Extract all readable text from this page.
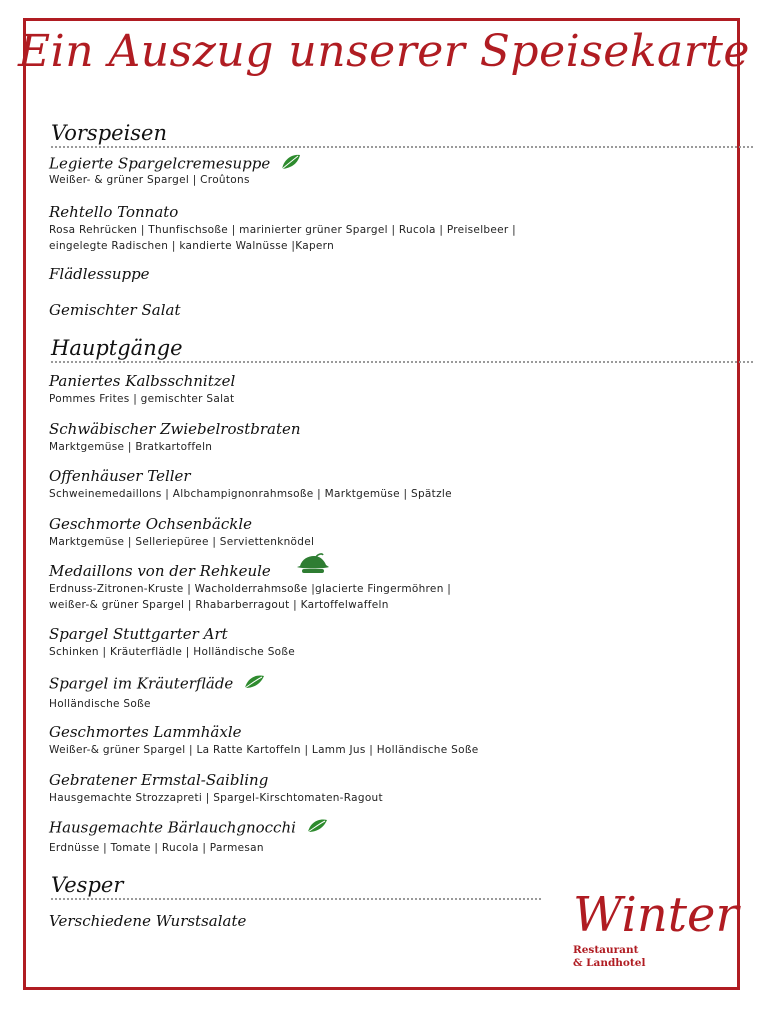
Ein Auszug unserer Speisekarte
Vorspeisen
Legierte Spargelcremesuppe
Weißer- & grüner Spargel | Croûtons
Rehtello Tonnato
Rosa Rehrücken | Thunfischsoße | marinierter grüner Spargel | Rucola | Preiselbeer |
eingelegte Radischen | kandierte Walnüsse |Kapern
Flädlessuppe
Gemischter Salat
Hauptgänge
Paniertes Kalbsschnitzel
Pommes Frites | gemischter Salat
Schwäbischer Zwiebelrostbraten
Marktgemüse | Bratkartoffeln
Offenhäuser Teller
Schweinemedaillons | Albchampignonrahmsoße | Marktgemüse | Spätzle
Geschmorte Ochsenbäckle
Marktgemüse | Selleriepüree | Serviettenknödel
Medaillons von der Rehkeule
Erdnuss-Zitronen-Kruste | Wacholderrahmsoße |glacierte Fingermöhren |
weißer-& grüner Spargel | Rhabarberragout | Kartoffelwaffeln
Spargel Stuttgarter Art
Schinken | Kräuterflädle | Holländische Soße
Spargel im Kräuterfläde
Holländische Soße
Geschmortes Lammhäxle
Weißer-& grüner Spargel | La Ratte Kartoffeln | Lamm Jus | Holländische Soße
Gebratener Ermstal-Saibling
Hausgemachte Strozzapreti | Spargel-Kirschtomaten-Ragout
Hausgemachte Bärlauchgnocchi
Erdnüsse | Tomate | Rucola | Parmesan
Vesper
Verschiedene Wurstsalate	Winter
Restaurant
& Landhotel
